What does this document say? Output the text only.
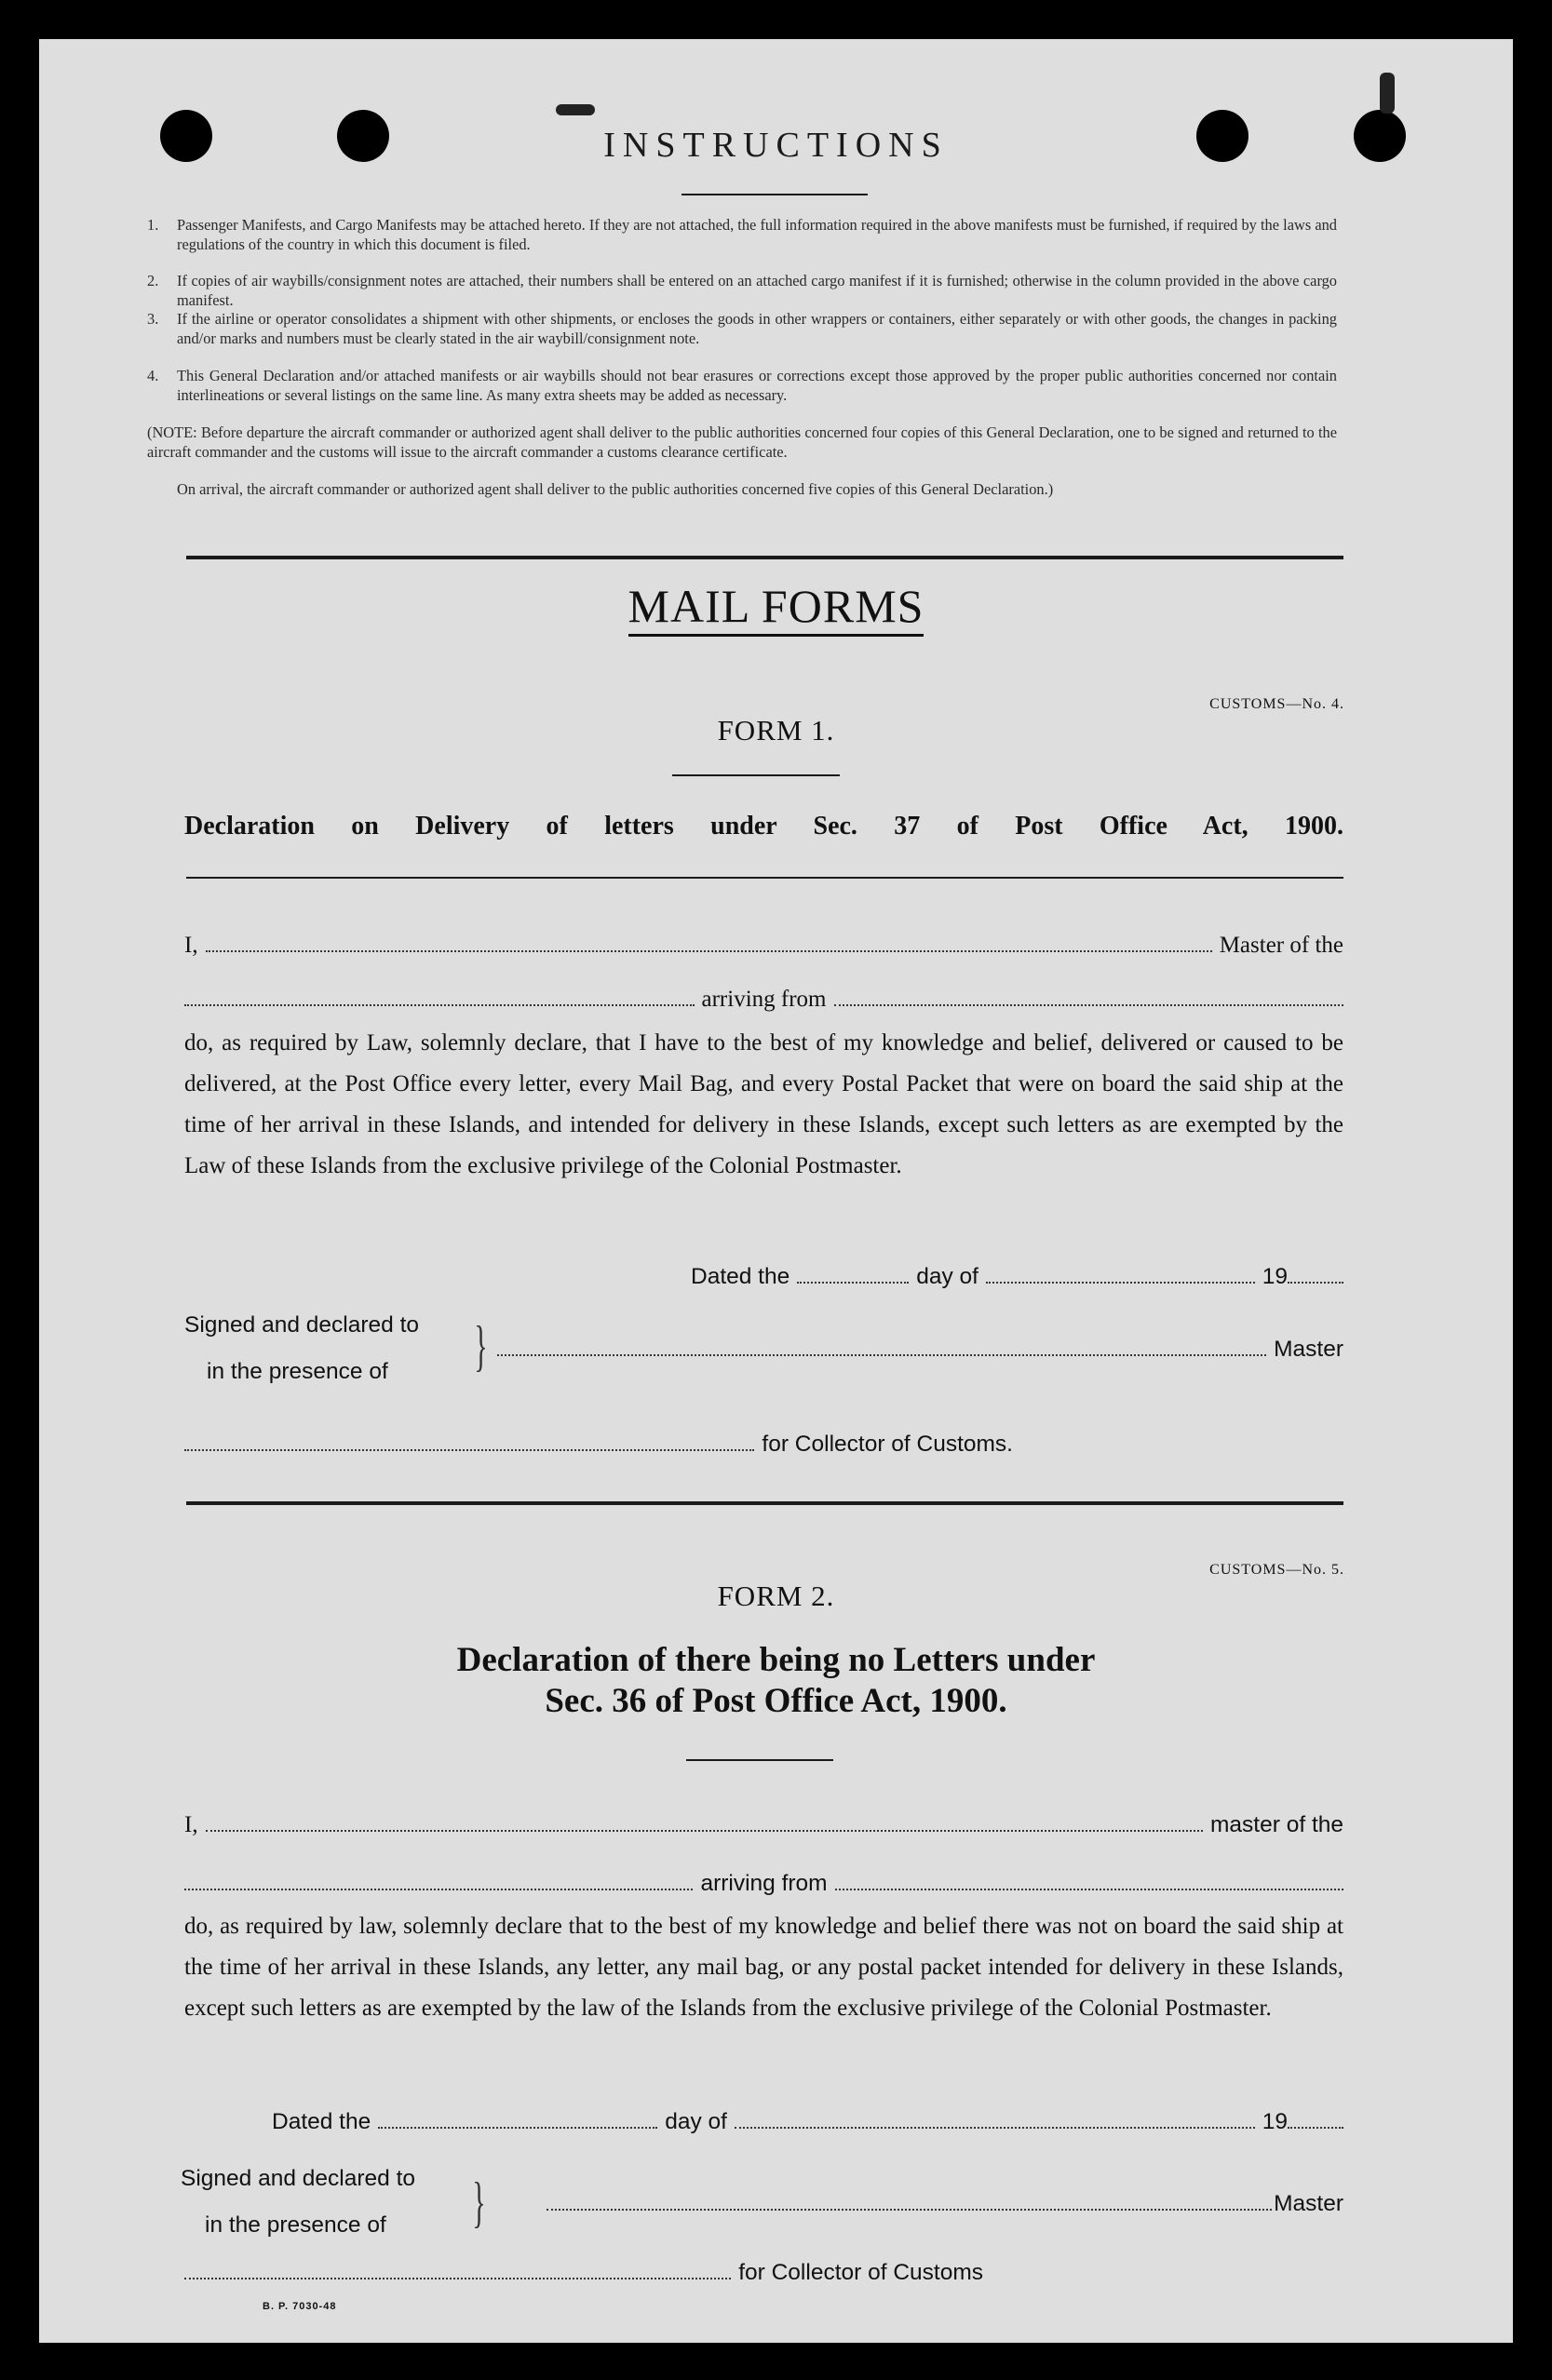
INSTRUCTIONS
1. Passenger Manifests, and Cargo Manifests may be attached hereto. If they are not attached, the full information required in the above manifests must be furnished, if required by the laws and regulations of the country in which this document is filed.
2. If copies of air waybills/consignment notes are attached, their numbers shall be entered on an attached cargo manifest if it is furnished; otherwise in the column provided in the above cargo manifest.
3. If the airline or operator consolidates a shipment with other shipments, or encloses the goods in other wrappers or containers, either separately or with other goods, the changes in packing and/or marks and numbers must be clearly stated in the air waybill/consignment note.
4. This General Declaration and/or attached manifests or air waybills should not bear erasures or corrections except those approved by the proper public authorities concerned nor contain interlineations or several listings on the same line. As many extra sheets may be added as necessary.

(NOTE: Before departure the aircraft commander or authorized agent shall deliver to the public authorities concerned four copies of this General Declaration, one to be signed and returned to the aircraft commander and the customs will issue to the aircraft commander a customs clearance certificate.

On arrival, the aircraft commander or authorized agent shall deliver to the public authorities concerned five copies of this General Declaration.)

MAIL FORMS
CUSTOMS—No. 4.
FORM 1.
Declaration on Delivery of letters under Sec. 37 of Post Office Act, 1900.
I,	Master of the
arriving from

do, as required by Law, solemnly declare, that I have to the best of my knowledge and belief, delivered or caused to be delivered, at the Post Office every letter, every Mail Bag, and every Postal Packet that were on board the said ship at the time of her arrival in these Islands, and intended for delivery in these Islands, except such letters as are exempted by the Law of these Islands from the exclusive privilege of the Colonial Postmaster.

Dated the	day of	19
Signed and declared to
in the presence of }	Master
for Collector of Customs.
CUSTOMS—No. 5.
FORM 2.
Declaration of there being no Letters under
Sec. 36 of Post Office Act, 1900.
I,	master of the
arriving from

do, as required by law, solemnly declare that to the best of my knowledge and belief there was not on board the said ship at the time of her arrival in these Islands, any letter, any mail bag, or any postal packet intended for delivery in these Islands, except such letters as are exempted by the law of the Islands from the exclusive privilege of the Colonial Postmaster.

Dated the	day of	19
Signed and declared to
in the presence of }	Master
for Collector of Customs
B. P. 7030-48
